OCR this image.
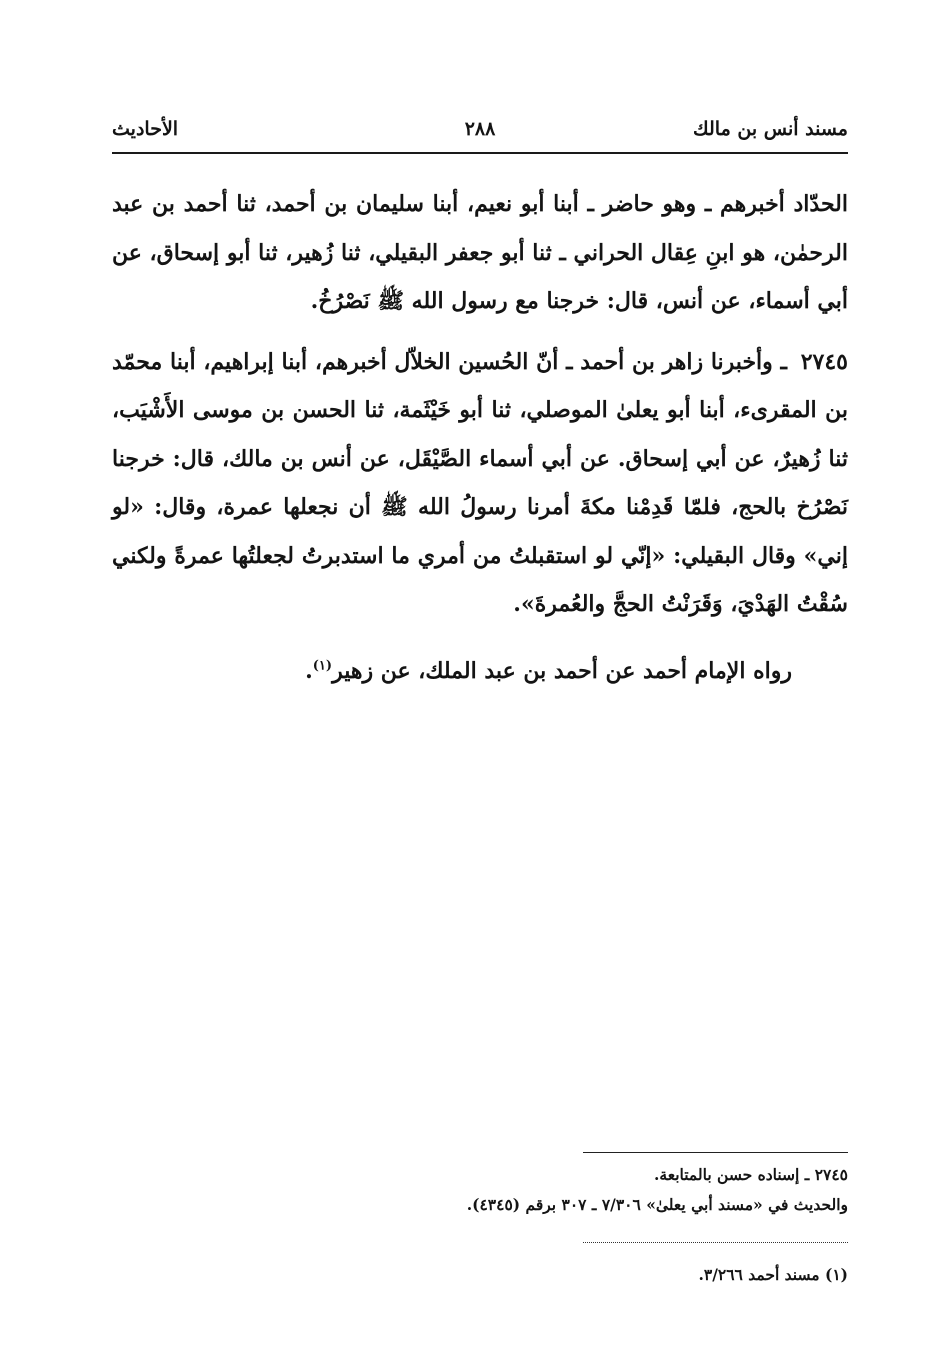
مسند أنس بن مالك
٢٨٨
الأحاديث

الحدّاد أخبرهم ـ وهو حاضر ـ أبنا أبو نعيم، أبنا سليمان بن أحمد، ثنا أحمد بن عبد الرحمٰن، هو ابنِ عِقال الحراني ـ ثنا أبو جعفر البقيلي، ثنا زُهير، ثنا أبو إسحاق، عن أبي أسماء، عن أنس، قال: خرجنا مع رسول الله ﷺ نَصْرُخُ.

٢٧٤٥ ـ وأخبرنا زاهر بن أحمد ـ أنّ الحُسين الخلاّل أخبرهم، أبنا إبراهيم، أبنا محمّد بن المقرىء، أبنا أبو يعلىٰ الموصلي، ثنا أبو خَيْثَمة، ثنا الحسن بن موسى الأَشْيَب، ثنا زُهيرٌ، عن أبي إسحاق. عن أبي أسماء الصَّيْقَل، عن أنس بن مالك، قال: خرجنا نَصْرُخ بالحج، فلمّا قَدِمْنا مكةَ أمرنا رسولُ الله ﷺ أن نجعلها عمرة، وقال: «لو إني» وقال البقيلي: «إنّي لو استقبلتُ من أمري ما استدبرتُ لجعلتُها عمرةً ولكني سُقْتُ الهَدْيَ، وَقَرَنْتُ الحجَّ والعُمرةَ».

رواه الإمام أحمد عن أحمد بن عبد الملك، عن زهير$^{(١)}$.

٢٧٤٥ ـ إسناده حسن بالمتابعة.
والحديث في «مسند أبي يعلىٰ» ٧/٣٠٦ ـ ٣٠٧ برقم (٤٣٤٥).
(١) مسند أحمد ٣/٢٦٦.
